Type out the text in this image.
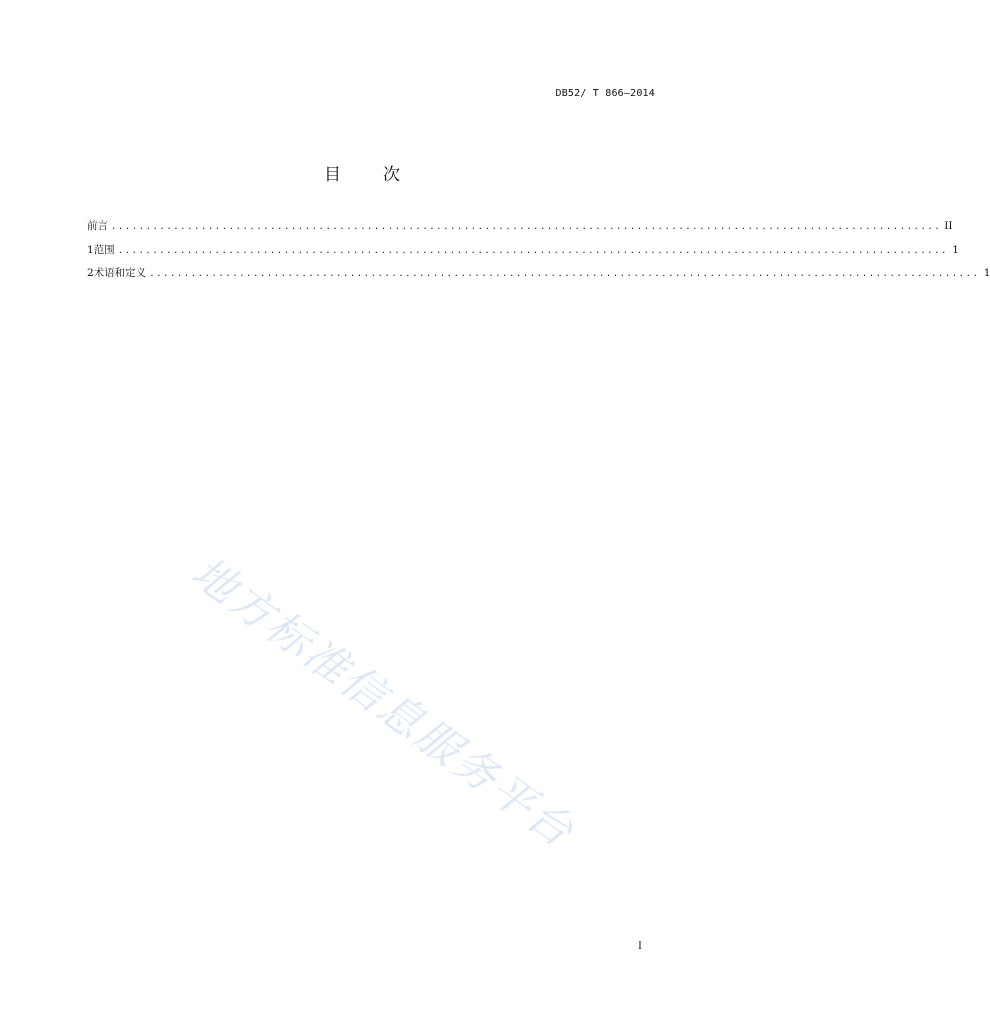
DB52/ T 866—2014
目 次
前言 ........................................................................................................................ II
1 范围 ........................................................................................................................ 1
2 术语和定义 ........................................................................................................................ 1
地方标准信息服务平台
I
